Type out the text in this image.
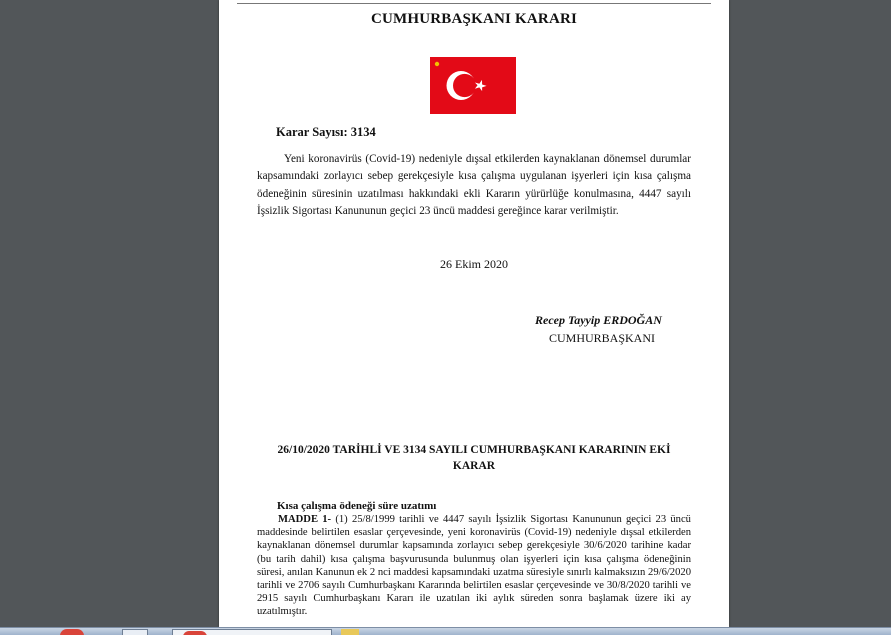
CUMHURBAŞKANI KARARI
Karar Sayısı: 3134

Yeni koronavirüs (Covid-19) nedeniyle dışsal etkilerden kaynaklanan dönemsel durumlar kapsamındaki zorlayıcı sebep gerekçesiyle kısa çalışma uygulanan işyerleri için kısa çalışma ödeneğinin süresinin uzatılması hakkındaki ekli Kararın yürürlüğe konulmasına, 4447 sayılı İşsizlik Sigortası Kanununun geçici 23 üncü maddesi gereğince karar verilmiştir.

26 Ekim 2020
Recep Tayyip ERDOĞAN
CUMHURBAŞKANI
26/10/2020 TARİHLİ VE 3134 SAYILI CUMHURBAŞKANI KARARININ EKİ KARAR
Kısa çalışma ödeneği süre uzatımı

MADDE 1- (1) 25/8/1999 tarihli ve 4447 sayılı İşsizlik Sigortası Kanununun geçici 23 üncü maddesinde belirtilen esaslar çerçevesinde, yeni koronavirüs (Covid-19) nedeniyle dışsal etkilerden kaynaklanan dönemsel durumlar kapsamında zorlayıcı sebep gerekçesiyle 30/6/2020 tarihine kadar (bu tarih dahil) kısa çalışma başvurusunda bulunmuş olan işyerleri için kısa çalışma ödeneğinin süresi, anılan Kanunun ek 2 nci maddesi kapsamındaki uzatma süresiyle sınırlı kalmaksızın 29/6/2020 tarihli ve 2706 sayılı Cumhurbaşkanı Kararında belirtilen esaslar çerçevesinde ve 30/8/2020 tarihli ve 2915 sayılı Cumhurbaşkanı Kararı ile uzatılan iki aylık süreden sonra başlamak üzere iki ay uzatılmıştır.
